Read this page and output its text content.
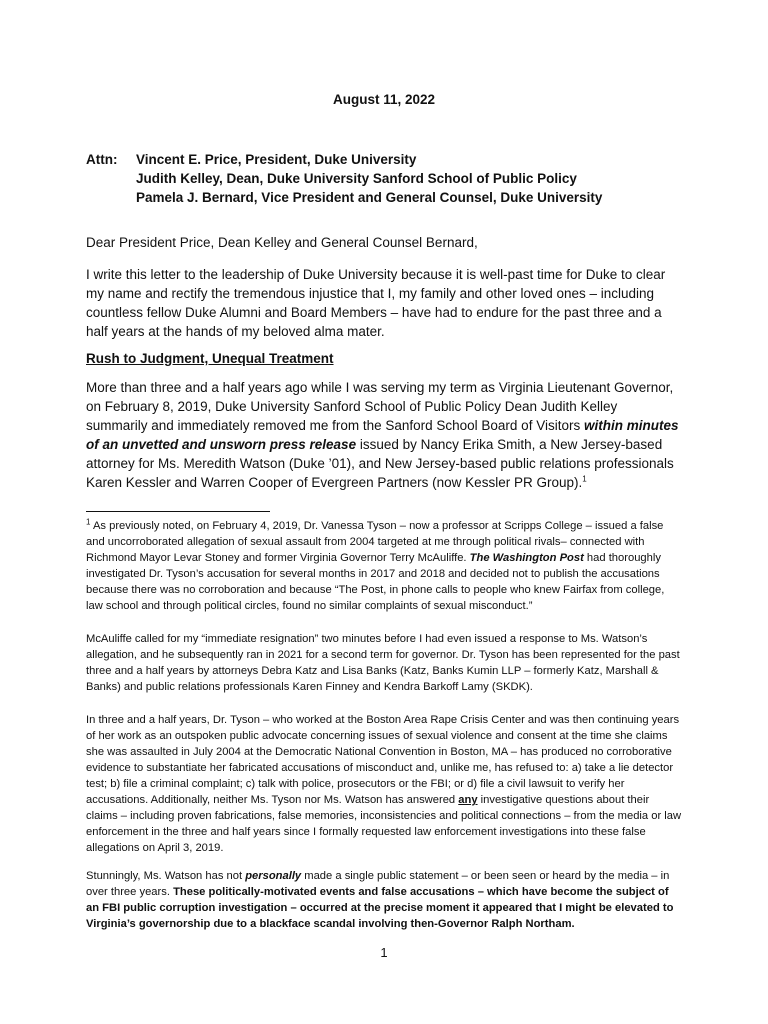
August 11, 2022
Attn:	Vincent E. Price, President, Duke University
Judith Kelley, Dean, Duke University Sanford School of Public Policy
Pamela J. Bernard, Vice President and General Counsel, Duke University
Dear President Price, Dean Kelley and General Counsel Bernard,
I write this letter to the leadership of Duke University because it is well-past time for Duke to clear my name and rectify the tremendous injustice that I, my family and other loved ones – including countless fellow Duke Alumni and Board Members – have had to endure for the past three and a half years at the hands of my beloved alma mater.
Rush to Judgment, Unequal Treatment
More than three and a half years ago while I was serving my term as Virginia Lieutenant Governor, on February 8, 2019, Duke University Sanford School of Public Policy Dean Judith Kelley summarily and immediately removed me from the Sanford School Board of Visitors within minutes of an unvetted and unsworn press release issued by Nancy Erika Smith, a New Jersey-based attorney for Ms. Meredith Watson (Duke ’01), and New Jersey-based public relations professionals Karen Kessler and Warren Cooper of Evergreen Partners (now Kessler PR Group).$^1$
$^1$ As previously noted, on February 4, 2019, Dr. Vanessa Tyson – now a professor at Scripps College – issued a false and uncorroborated allegation of sexual assault from 2004 targeted at me through political rivals– connected with Richmond Mayor Levar Stoney and former Virginia Governor Terry McAuliffe. The Washington Post had thoroughly investigated Dr. Tyson’s accusation for several months in 2017 and 2018 and decided not to publish the accusations because there was no corroboration and because “The Post, in phone calls to people who knew Fairfax from college, law school and through political circles, found no similar complaints of sexual misconduct.”
McAuliffe called for my “immediate resignation” two minutes before I had even issued a response to Ms. Watson’s allegation, and he subsequently ran in 2021 for a second term for governor. Dr. Tyson has been represented for the past three and a half years by attorneys Debra Katz and Lisa Banks (Katz, Banks Kumin LLP – formerly Katz, Marshall & Banks) and public relations professionals Karen Finney and Kendra Barkoff Lamy (SKDK).
In three and a half years, Dr. Tyson – who worked at the Boston Area Rape Crisis Center and was then continuing years of her work as an outspoken public advocate concerning issues of sexual violence and consent at the time she claims she was assaulted in July 2004 at the Democratic National Convention in Boston, MA – has produced no corroborative evidence to substantiate her fabricated accusations of misconduct and, unlike me, has refused to: a) take a lie detector test; b) file a criminal complaint; c) talk with police, prosecutors or the FBI; or d) file a civil lawsuit to verify her accusations. Additionally, neither Ms. Tyson nor Ms. Watson has answered any investigative questions about their claims – including proven fabrications, false memories, inconsistencies and political connections – from the media or law enforcement in the three and half years since I formally requested law enforcement investigations into these false allegations on April 3, 2019.
Stunningly, Ms. Watson has not personally made a single public statement – or been seen or heard by the media – in over three years. These politically-motivated events and false accusations – which have become the subject of an FBI public corruption investigation – occurred at the precise moment it appeared that I might be elevated to Virginia’s governorship due to a blackface scandal involving then-Governor Ralph Northam.
1
